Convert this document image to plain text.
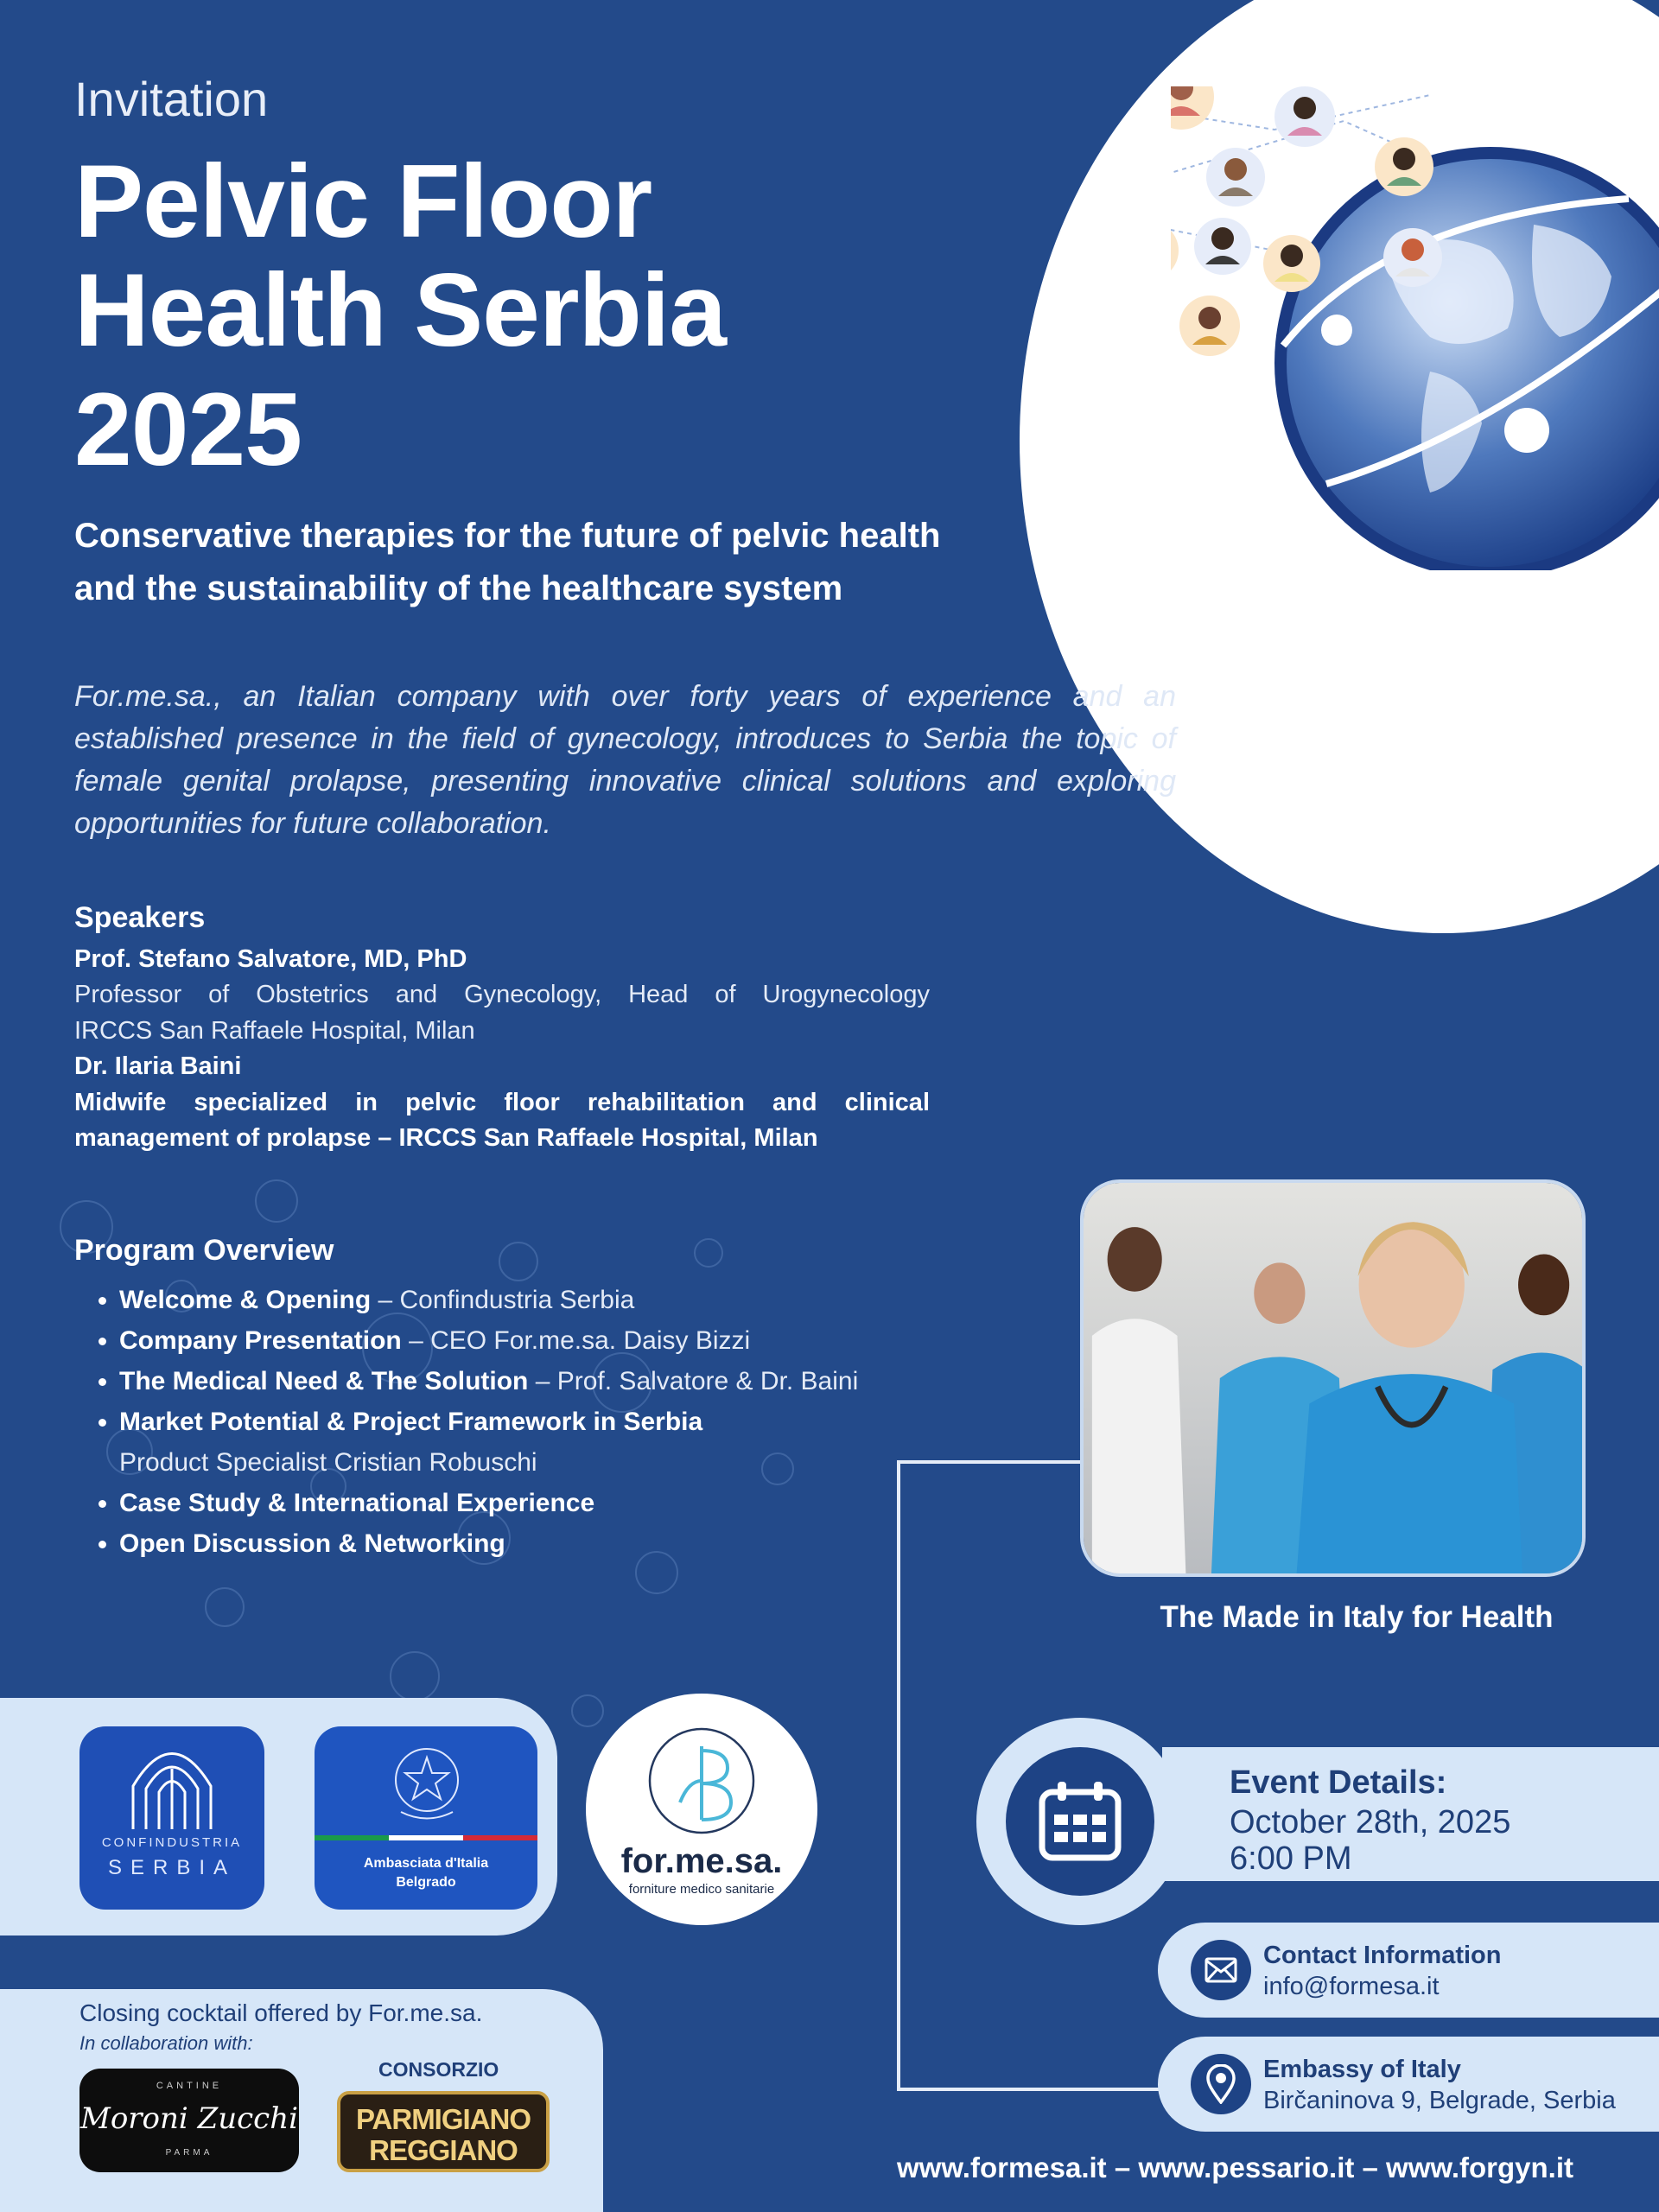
Invitation
Pelvic Floor
Health Serbia
2025
Conservative therapies for the future of pelvic health
and the sustainability of the healthcare system

For.me.sa., an Italian company with over forty years of experience and an established presence in the field of gynecology, introduces to Serbia the topic of female genital prolapse, presenting innovative clinical solutions and exploring opportunities for future collaboration.

Speakers
Prof. Stefano Salvatore, MD, PhD
Professor of Obstetrics and Gynecology, Head of Urogynecology
IRCCS San Raffaele Hospital, Milan
Dr. Ilaria Baini
Midwife specialized in pelvic floor rehabilitation and clinical
management of prolapse – IRCCS San Raffaele Hospital, Milan
Program Overview
Welcome & Opening – Confindustria Serbia
Company Presentation – CEO For.me.sa. Daisy Bizzi
The Medical Need & The Solution – Prof. Salvatore & Dr. Baini
Market Potential & Project Framework in Serbia
Product Specialist Cristian Robuschi
Case Study & International Experience
Open Discussion & Networking
The Made in Italy for Health
CONFINDUSTRIA
SERBIA	Ambasciata d'Italia
Belgrado
for.me.sa.
forniture medico sanitarie
Closing cocktail offered by For.me.sa.
In collaboration with:
CANTINE
Moroni Zucchi
PARMA
CONSORZIO
PARMIGIANO
REGGIANO
Event Details:
October 28th, 2025
6:00 PM
Contact Information
info@formesa.it
Embassy of Italy
Birčaninova 9, Belgrade, Serbia
www.formesa.it – www.pessario.it – www.forgyn.it
